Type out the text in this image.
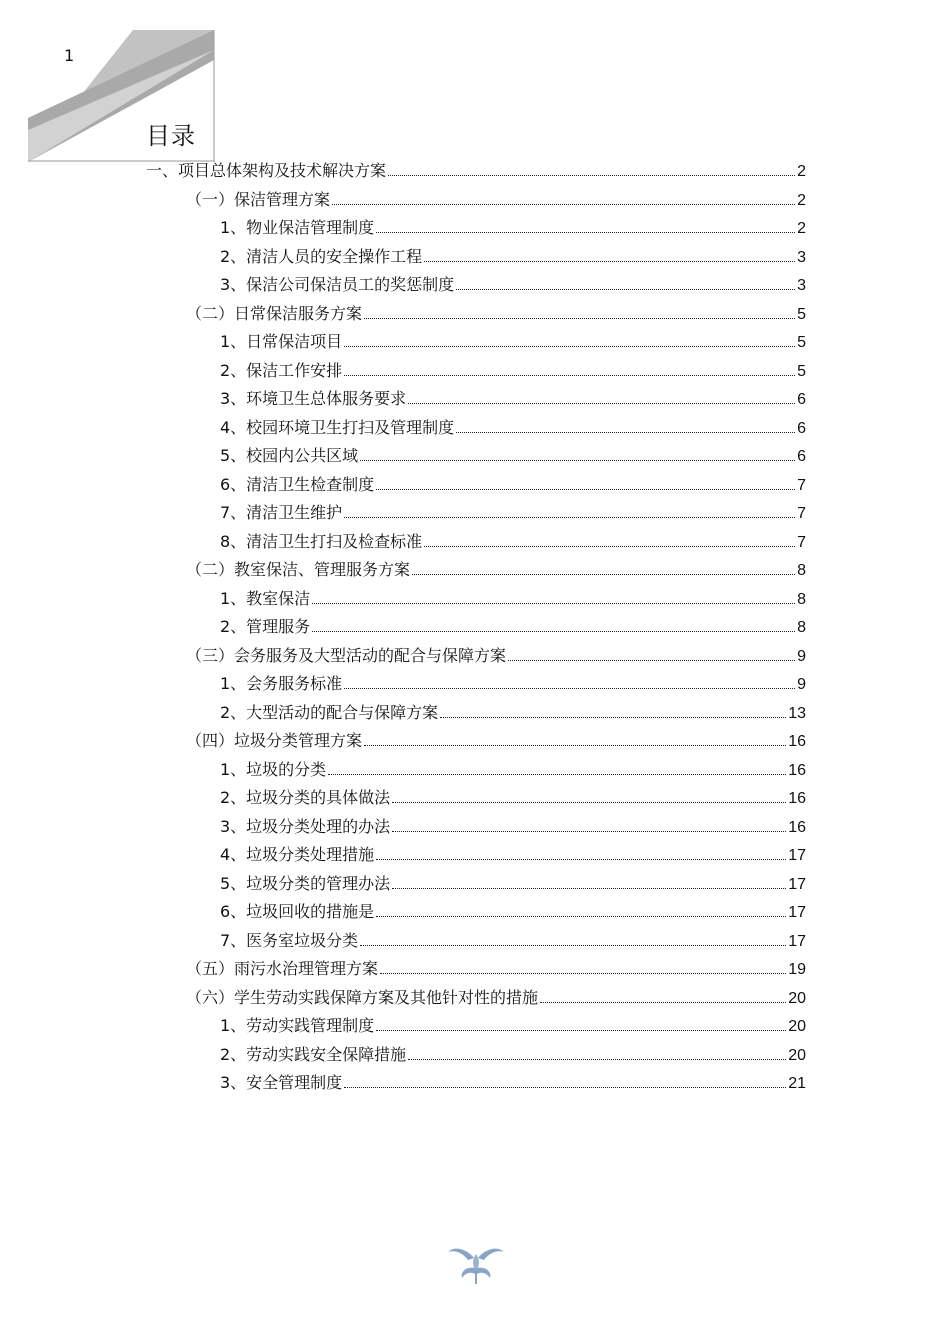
1
目录
一、项目总体架构及技术解决方案	2
（一）保洁管理方案	2
1、物业保洁管理制度	2
2、清洁人员的安全操作工程	3
3、保洁公司保洁员工的奖惩制度	3
（二）日常保洁服务方案	5
1、日常保洁项目	5
2、保洁工作安排	5
3、环境卫生总体服务要求	6
4、校园环境卫生打扫及管理制度	6
5、校园内公共区域	6
6、清洁卫生检查制度	7
7、清洁卫生维护	7
8、清洁卫生打扫及检查标准	7
（二）教室保洁、管理服务方案	8
1、教室保洁	8
2、管理服务	8
（三）会务服务及大型活动的配合与保障方案	9
1、会务服务标准	9
2、大型活动的配合与保障方案	13
（四）垃圾分类管理方案	16
1、垃圾的分类	16
2、垃圾分类的具体做法	16
3、垃圾分类处理的办法	16
4、垃圾分类处理措施	17
5、垃圾分类的管理办法	17
6、垃圾回收的措施是	17
7、医务室垃圾分类	17
（五）雨污水治理管理方案	19
（六）学生劳动实践保障方案及其他针对性的措施	20
1、劳动实践管理制度	20
2、劳动实践安全保障措施	20
3、安全管理制度	21
